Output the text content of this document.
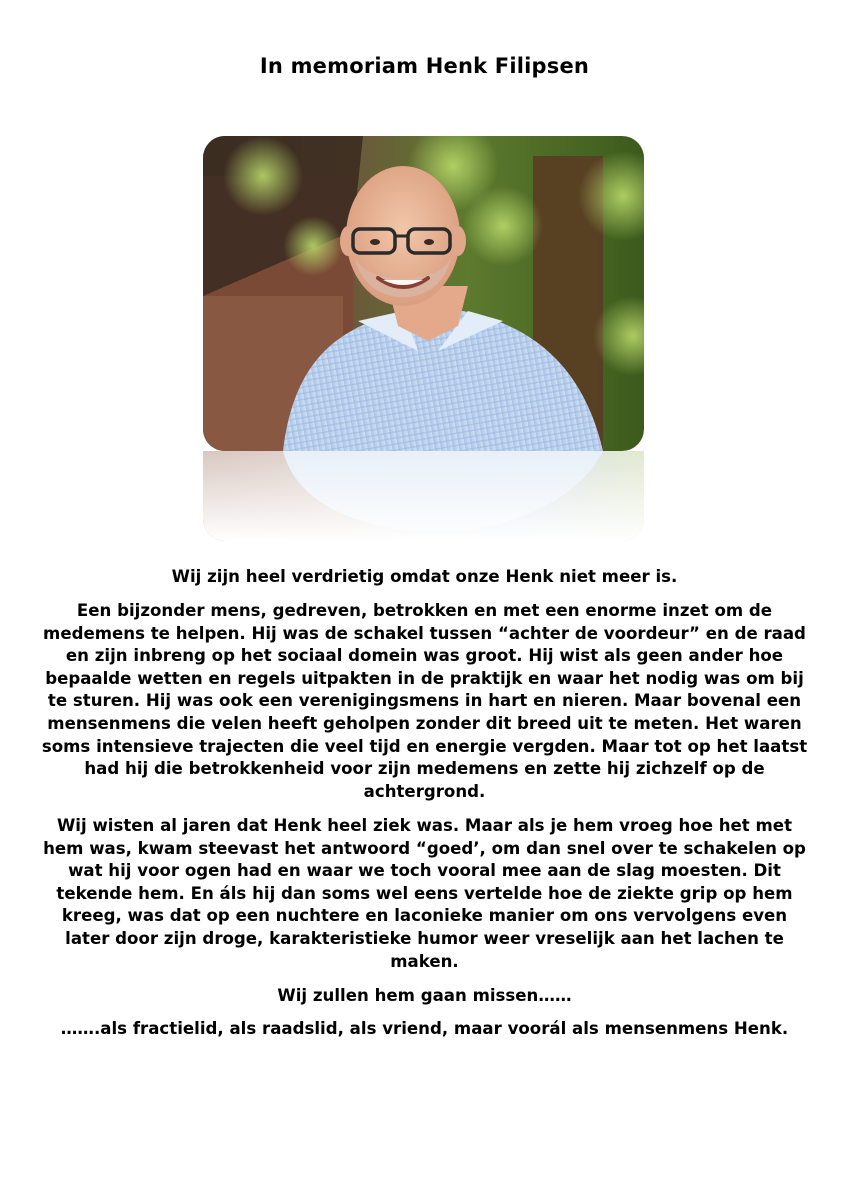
In memoriam Henk Filipsen

Wij zijn heel verdrietig omdat onze Henk niet meer is.

Een bijzonder mens, gedreven, betrokken en met een enorme inzet om de medemens te helpen. Hij was de schakel tussen “achter de voordeur” en de raad en zijn inbreng op het sociaal domein was groot. Hij wist als geen ander hoe bepaalde wetten en regels uitpakten in de praktijk en waar het nodig was om bij te sturen. Hij was ook een verenigingsmens in hart en nieren. Maar bovenal een mensenmens die velen heeft geholpen zonder dit breed uit te meten. Het waren soms intensieve trajecten die veel tijd en energie vergden. Maar tot op het laatst had hij die betrokkenheid voor zijn medemens en zette hij zichzelf op de achtergrond.

Wij wisten al jaren dat Henk heel ziek was. Maar als je hem vroeg hoe het met hem was, kwam steevast het antwoord “goed’, om dan snel over te schakelen op wat hij voor ogen had en waar we toch vooral mee aan de slag moesten. Dit tekende hem. En áls hij dan soms wel eens vertelde hoe de ziekte grip op hem kreeg, was dat op een nuchtere en laconieke manier om ons vervolgens even later door zijn droge, karakteristieke humor weer vreselijk aan het lachen te maken.

Wij zullen hem gaan missen……

…….als fractielid, als raadslid, als vriend, maar voorál als mensenmens Henk.
